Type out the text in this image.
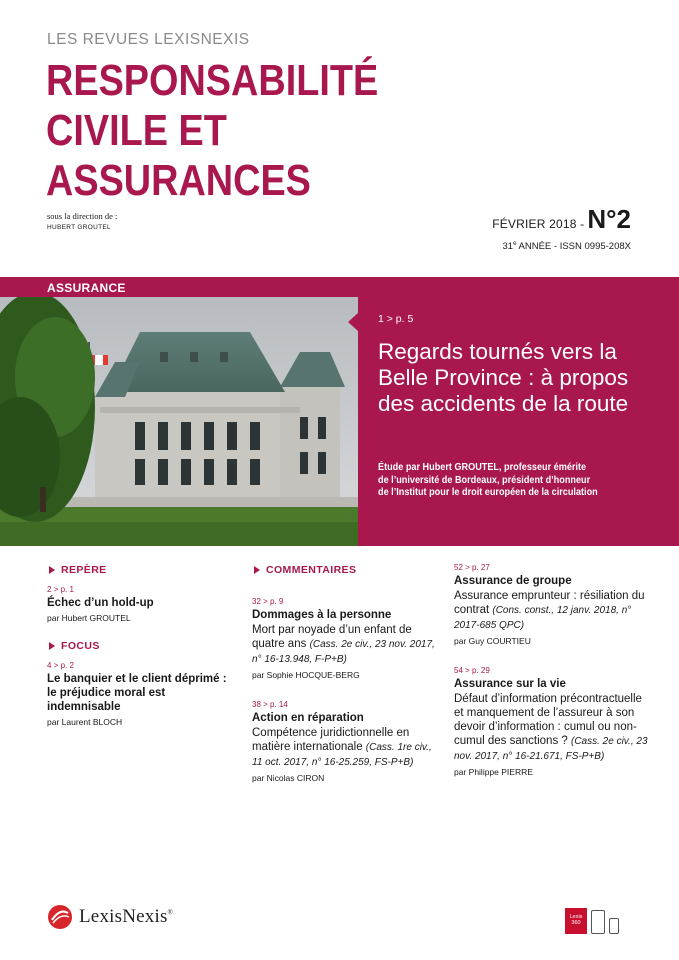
LES REVUES LEXISNEXIS
RESPONSABILITÉ
CIVILE ET
ASSURANCES
sous la direction de :
HUBERT GROUTEL	FÉVRIER 2018 - N°2
31e ANNÉE - ISSN 0995-208X
ASSURANCE
1 > p. 5
Regards tournés vers la Belle Province : à propos des accidents de la route
Étude par Hubert GROUTEL, professeur émérite
de l’université de Bordeaux, président d’honneur
de l’Institut pour le droit européen de la circulation
REPÈRE
2 > p. 1
Échec d’un hold-up
par Hubert GROUTEL
FOCUS
4 > p. 2
Le banquier et le client déprimé : le préjudice moral est indemnisable
par Laurent BLOCH
COMMENTAIRES
32 > p. 9
Dommages à la personne
Mort par noyade d’un enfant de quatre ans (Cass. 2e civ., 23 nov. 2017, n° 16-13.948, F-P+B)
par Sophie HOCQUE-BERG
38 > p. 14
Action en réparation
Compétence juridictionnelle en matière internationale (Cass. 1re civ., 11 oct. 2017, n° 16-25.259, FS-P+B)
par Nicolas CIRON
52 > p. 27
Assurance de groupe
Assurance emprunteur : résiliation du contrat (Cons. const., 12 janv. 2018, n° 2017-685 QPC)
par Guy COURTIEU
54 > p. 29
Assurance sur la vie
Défaut d’information précontractuelle et manquement de l’assureur à son devoir d’information : cumul ou non-cumul des sanctions ? (Cass. 2e civ., 23 nov. 2017, n° 16-21.671, FS-P+B)
par Philippe PIERRE
LexisNexis®
Lexis 360
